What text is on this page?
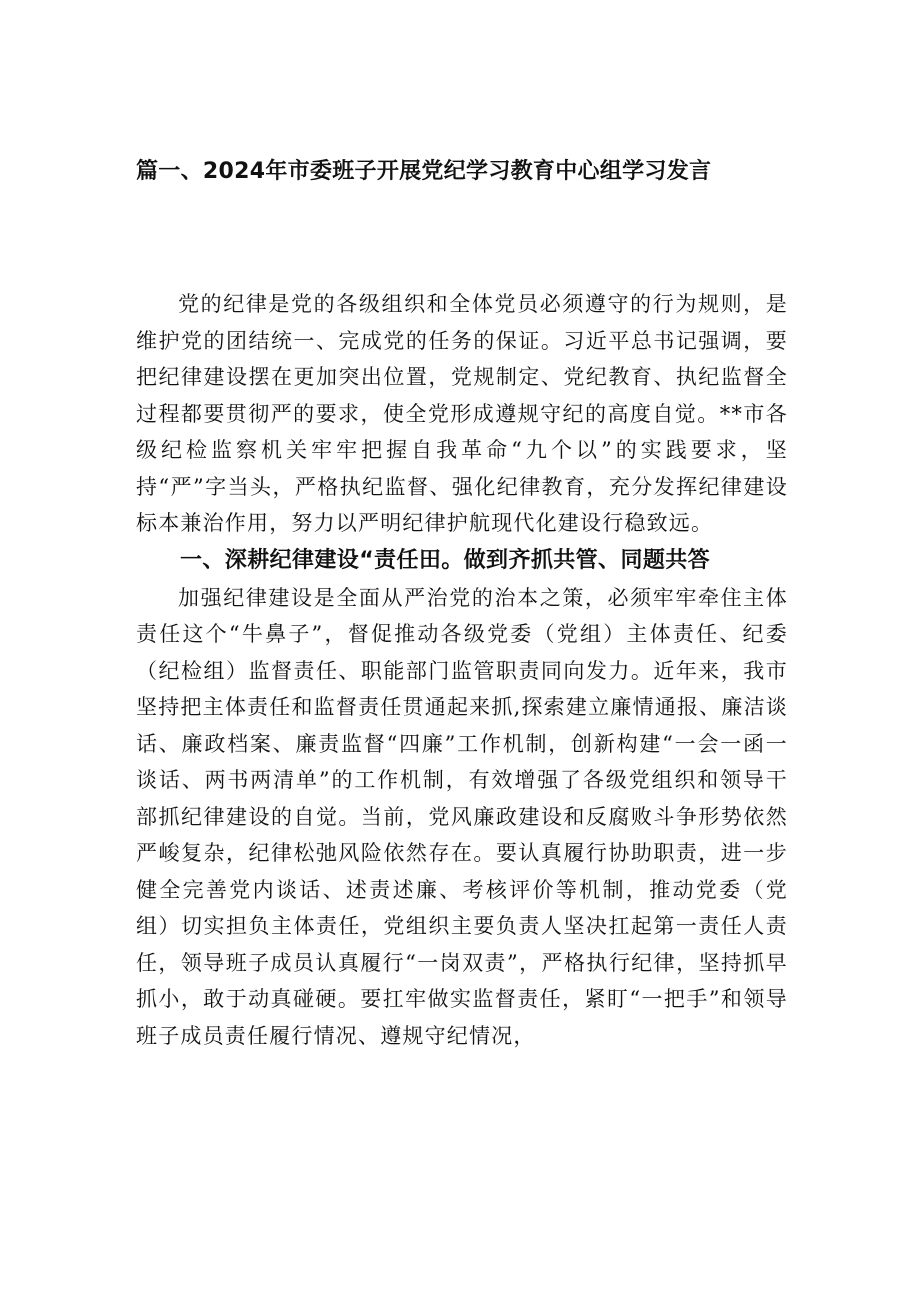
篇一、2024年市委班子开展党纪学习教育中心组学习发言

党的纪律是党的各级组织和全体党员必须遵守的行为规则，是维护党的团结统一、完成党的任务的保证。习近平总书记强调，要把纪律建设摆在更加突出位置，党规制定、党纪教育、执纪监督全过程都要贯彻严的要求，使全党形成遵规守纪的高度自觉。**市各级纪检监察机关牢牢把握自我革命“九个以”的实践要求，坚持“严”字当头，严格执纪监督、强化纪律教育，充分发挥纪律建设标本兼治作用，努力以严明纪律护航现代化建设行稳致远。

一、深耕纪律建设“责任田。做到齐抓共管、同题共答

加强纪律建设是全面从严治党的治本之策，必须牢牢牵住主体责任这个“牛鼻子”，督促推动各级党委（党组）主体责任、纪委（纪检组）监督责任、职能部门监管职责同向发力。近年来，我市坚持把主体责任和监督责任贯通起来抓,探索建立廉情通报、廉洁谈话、廉政档案、廉责监督“四廉”工作机制，创新构建“一会一函一谈话、两书两清单”的工作机制，有效增强了各级党组织和领导干部抓纪律建设的自觉。当前，党风廉政建设和反腐败斗争形势依然严峻复杂，纪律松弛风险依然存在。要认真履行协助职责，进一步健全完善党内谈话、述责述廉、考核评价等机制，推动党委（党组）切实担负主体责任，党组织主要负责人坚决扛起第一责任人责任，领导班子成员认真履行“一岗双责”，严格执行纪律，坚持抓早抓小，敢于动真碰硬。要扛牢做实监督责任，紧盯“一把手”和领导班子成员责任履行情况、遵规守纪情况，
